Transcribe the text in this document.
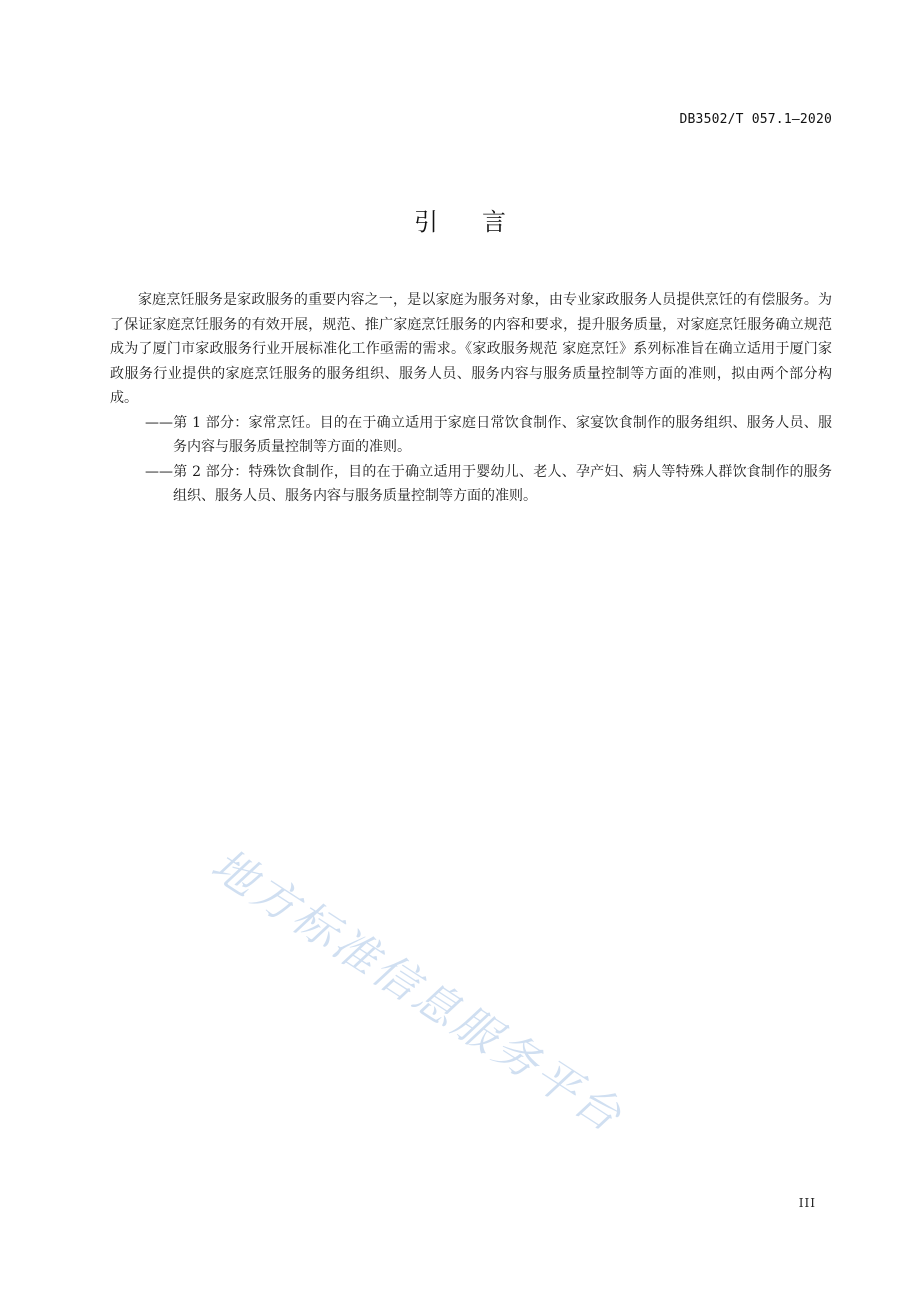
DB3502/T 057.1—2020
引言

家庭烹饪服务是家政服务的重要内容之一，是以家庭为服务对象，由专业家政服务人员提供烹饪的有偿服务。为了保证家庭烹饪服务的有效开展，规范、推广家庭烹饪服务的内容和要求，提升服务质量，对家庭烹饪服务确立规范成为了厦门市家政服务行业开展标准化工作亟需的需求。《家政服务规范 家庭烹饪》系列标准旨在确立适用于厦门家政服务行业提供的家庭烹饪服务的服务组织、服务人员、服务内容与服务质量控制等方面的准则，拟由两个部分构成。

——第 1 部分：家常烹饪。目的在于确立适用于家庭日常饮食制作、家宴饮食制作的服务组织、服务人员、服务内容与服务质量控制等方面的准则。

——第 2 部分：特殊饮食制作，目的在于确立适用于婴幼儿、老人、孕产妇、病人等特殊人群饮食制作的服务组织、服务人员、服务内容与服务质量控制等方面的准则。

地方标准信息服务平台
III
